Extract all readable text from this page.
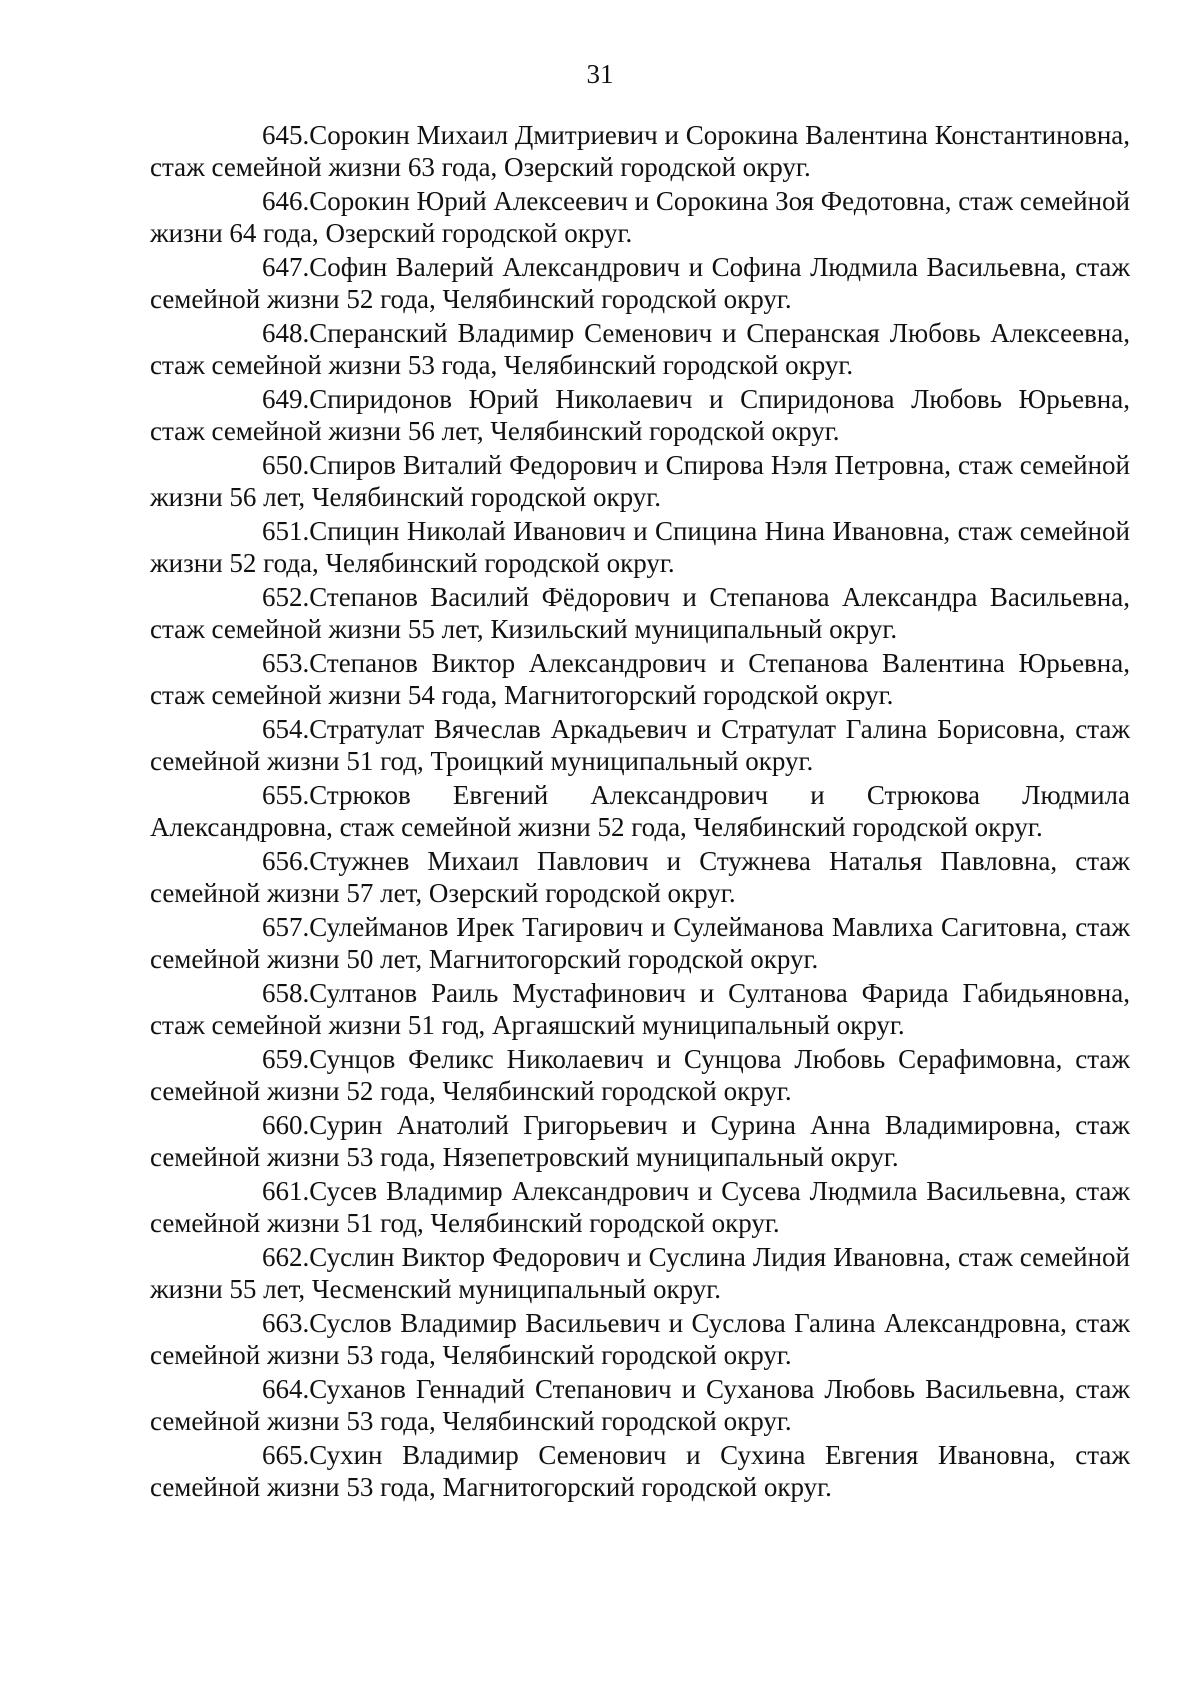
31

645.Сорокин Михаил Дмитриевич и Сорокина Валентина Константиновна, стаж семейной жизни 63 года, Озерский городской округ.

646.Сорокин Юрий Алексеевич и Сорокина Зоя Федотовна, стаж семейной жизни 64 года, Озерский городской округ.

647.Софин Валерий Александрович и Софина Людмила Васильевна, стаж семейной жизни 52 года, Челябинский городской округ.

648.Сперанский Владимир Семенович и Сперанская Любовь Алексеевна, стаж семейной жизни 53 года, Челябинский городской округ.

649.Спиридонов Юрий Николаевич и Спиридонова Любовь Юрьевна, стаж семейной жизни 56 лет, Челябинский городской округ.

650.Спиров Виталий Федорович и Спирова Нэля Петровна, стаж семейной жизни 56 лет, Челябинский городской округ.

651.Спицин Николай Иванович и Спицина Нина Ивановна, стаж семейной жизни 52 года, Челябинский городской округ.

652.Степанов Василий Фёдорович и Степанова Александра Васильевна, стаж семейной жизни 55 лет, Кизильский муниципальный округ.

653.Степанов Виктор Александрович и Степанова Валентина Юрьевна, стаж семейной жизни 54 года, Магнитогорский городской округ.

654.Стратулат Вячеслав Аркадьевич и Стратулат Галина Борисовна, стаж семейной жизни 51 год, Троицкий муниципальный округ.

655.Стрюков Евгений Александрович и Стрюкова Людмила Александровна, стаж семейной жизни 52 года, Челябинский городской округ.

656.Стужнев Михаил Павлович и Стужнева Наталья Павловна, стаж семейной жизни 57 лет, Озерский городской округ.

657.Сулейманов Ирек Тагирович и Сулейманова Мавлиха Сагитовна, стаж семейной жизни 50 лет, Магнитогорский городской округ.

658.Султанов Раиль Мустафинович и Султанова Фарида Габидьяновна, стаж семейной жизни 51 год, Аргаяшский муниципальный округ.

659.Сунцов Феликс Николаевич и Сунцова Любовь Серафимовна, стаж семейной жизни 52 года, Челябинский городской округ.

660.Сурин Анатолий Григорьевич и Сурина Анна Владимировна, стаж семейной жизни 53 года, Нязепетровский муниципальный округ.

661.Сусев Владимир Александрович и Сусева Людмила Васильевна, стаж семейной жизни 51 год, Челябинский городской округ.

662.Суслин Виктор Федорович и Суслина Лидия Ивановна, стаж семейной жизни 55 лет, Чесменский муниципальный округ.

663.Суслов Владимир Васильевич и Суслова Галина Александровна, стаж семейной жизни 53 года, Челябинский городской округ.

664.Суханов Геннадий Степанович и Суханова Любовь Васильевна, стаж семейной жизни 53 года, Челябинский городской округ.

665.Сухин Владимир Семенович и Сухина Евгения Ивановна, стаж семейной жизни 53 года, Магнитогорский городской округ.
